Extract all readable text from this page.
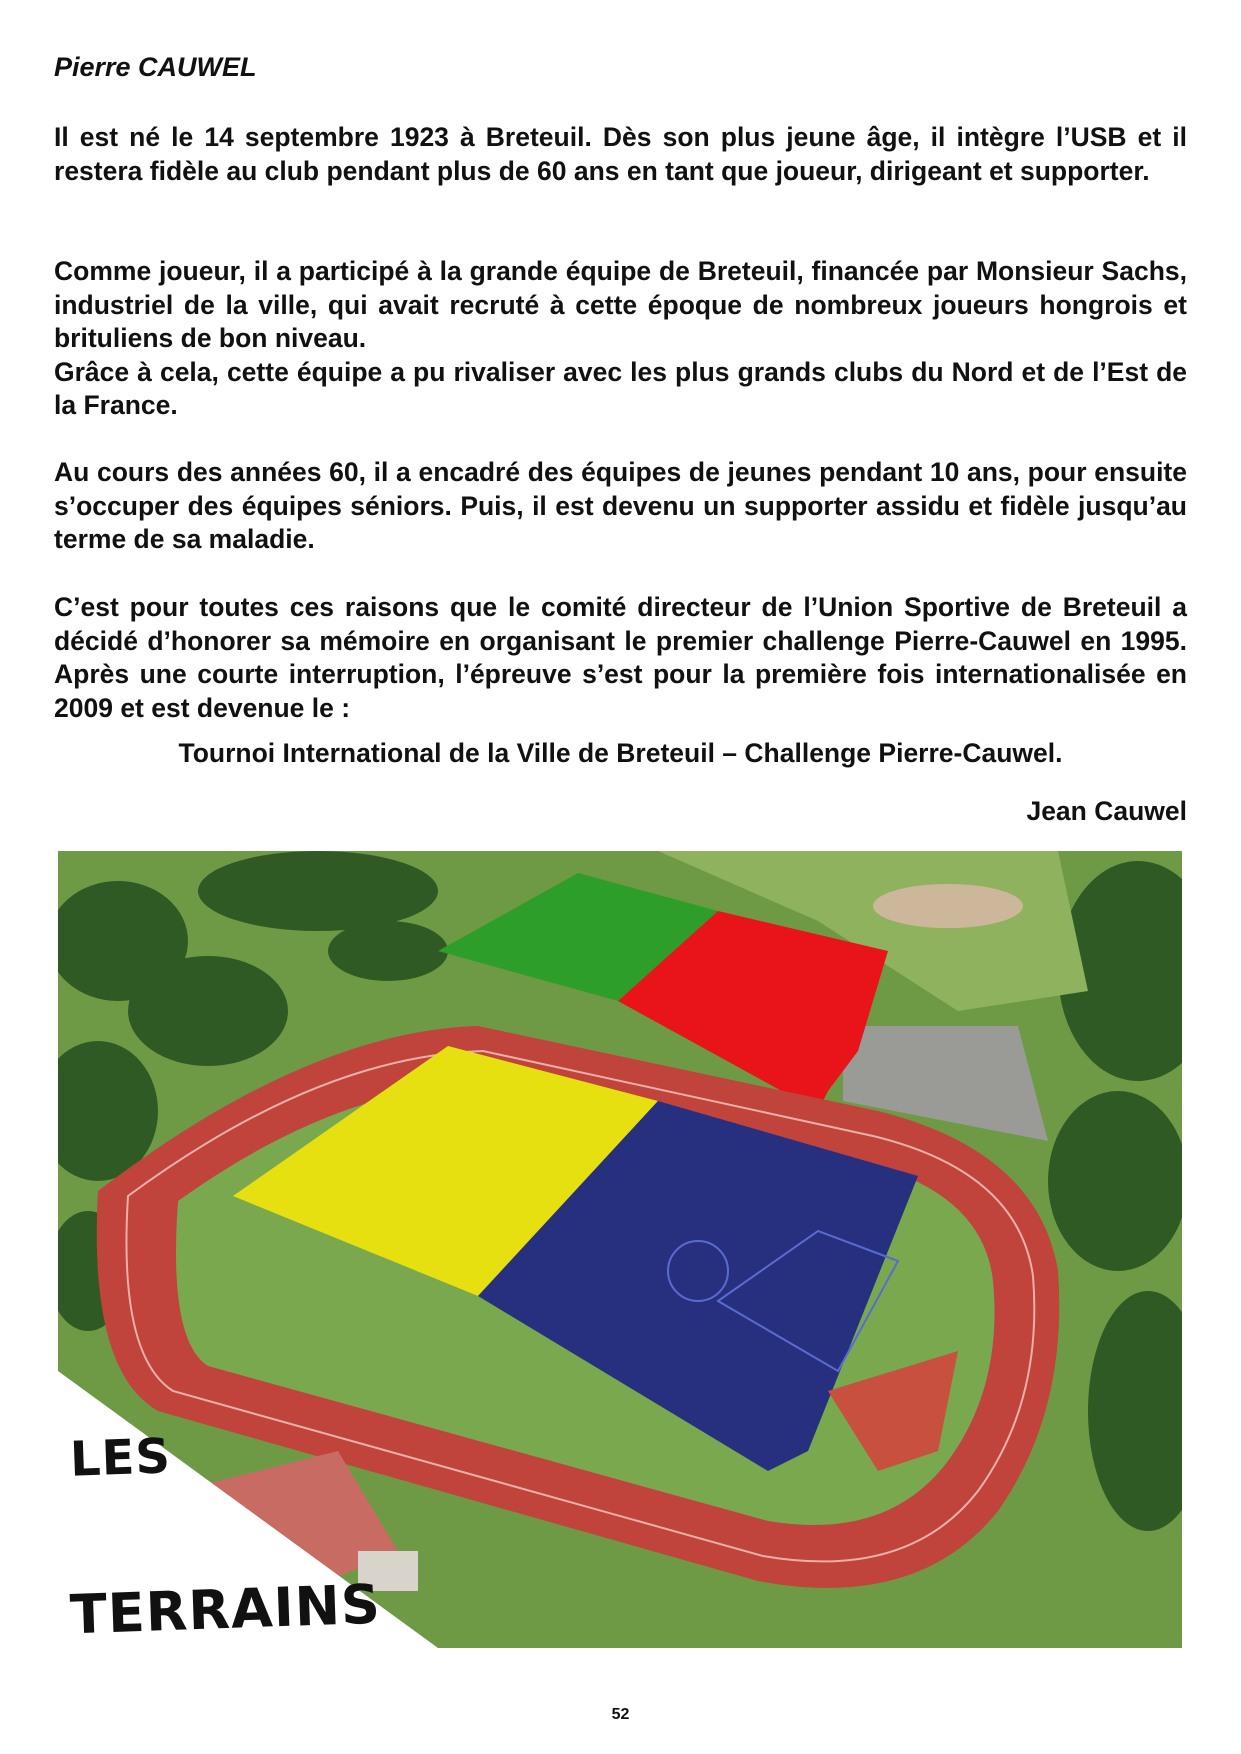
Pierre CAUWEL

Il est né le 14 septembre 1923 à Breteuil. Dès son plus jeune âge, il intègre l’USB et il restera fidèle au club pendant plus de 60 ans en tant que joueur, dirigeant et supporter.

Comme joueur, il a participé à la grande équipe de Breteuil, financée par Monsieur Sachs, industriel de la ville, qui avait recruté à cette époque de nombreux joueurs hongrois et brituliens de bon niveau.
Grâce à cela, cette équipe a pu rivaliser avec les plus grands clubs du Nord et de l’Est de la France.

Au cours des années 60, il a encadré des équipes de jeunes pendant 10 ans, pour ensuite s’occuper des équipes séniors. Puis, il est devenu un supporter assidu et fidèle jusqu’au terme de sa maladie.

C’est pour toutes ces raisons que le comité directeur de l’Union Sportive de Breteuil a décidé d’honorer sa mémoire en organisant le premier challenge Pierre-Cauwel en 1995. Après une courte interruption, l’épreuve s’est pour la première fois internationalisée en 2009 et est devenue le :

Tournoi International de la Ville de Breteuil – Challenge Pierre-Cauwel.
Jean Cauwel
LES
TERRAINS
52
